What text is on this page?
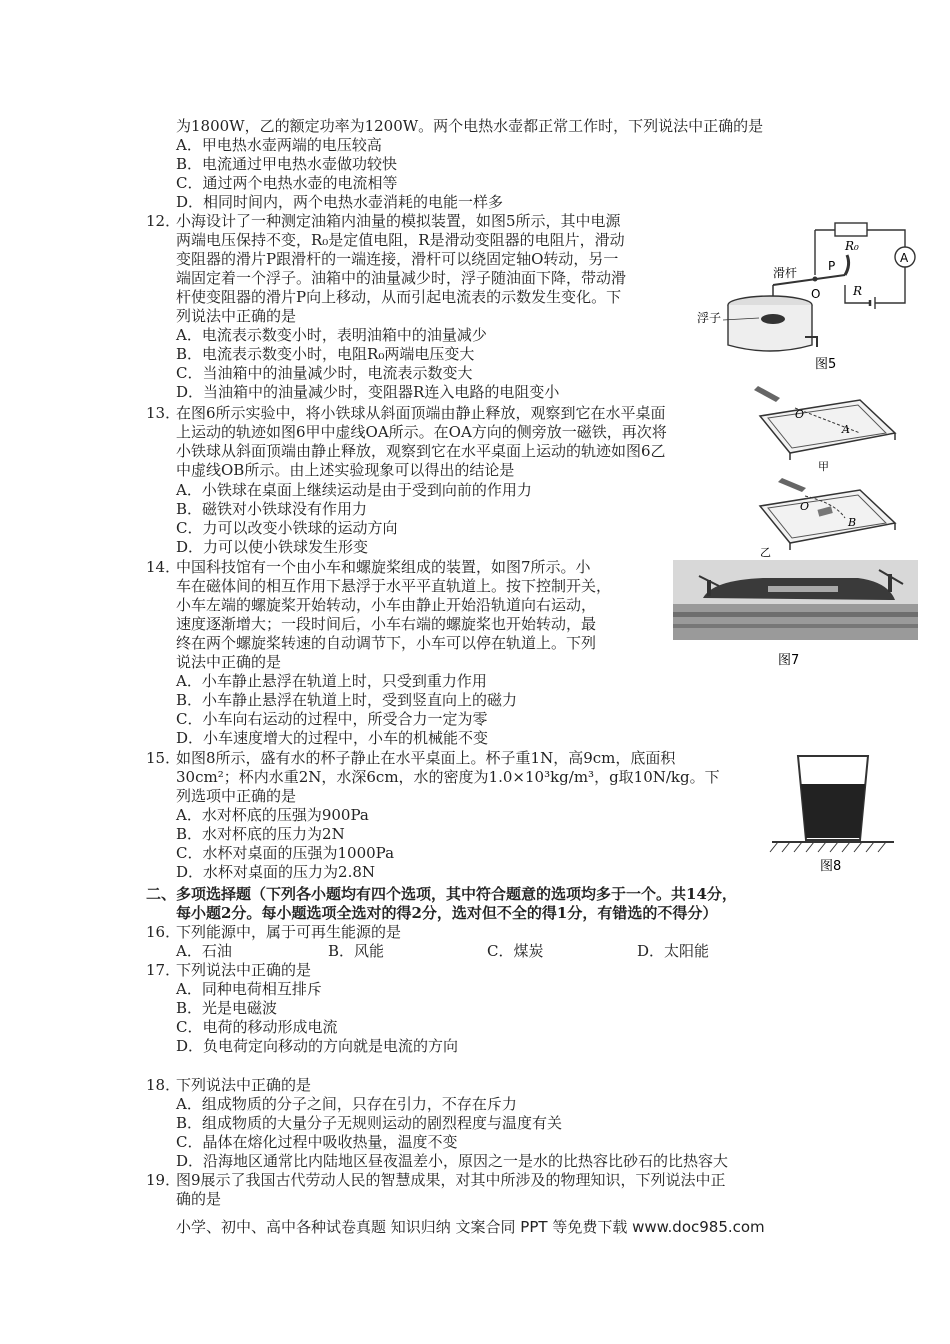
为1800W，乙的额定功率为1200W。两个电热水壶都正常工作时，下列说法中正确的是
A．甲电热水壶两端的电压较高
B．电流通过甲电热水壶做功较快
C．通过两个电热水壶的电流相等
D．相同时间内，两个电热水壶消耗的电能一样多
12．
小海设计了一种测定油箱内油量的模拟装置，如图5所示，其中电源
两端电压保持不变，R₀是定值电阻，R是滑动变阻器的电阻片，滑动
变阻器的滑片P跟滑杆的一端连接，滑杆可以绕固定轴O转动，另一
端固定着一个浮子。油箱中的油量减少时，浮子随油面下降，带动滑
杆使变阻器的滑片P向上移动，从而引起电流表的示数发生变化。下
列说法中正确的是
A．电流表示数变小时，表明油箱中的油量减少
B．电流表示数变小时，电阻R₀两端电压变大
C．当油箱中的油量减少时，电流表示数变大
D．当油箱中的油量减少时，变阻器R连入电路的电阻变小
R₀
A
R
滑杆	P
O
浮子
图5
13．
在图6所示实验中，将小铁球从斜面顶端由静止释放，观察到它在水平桌面
上运动的轨迹如图6甲中虚线OA所示。在OA方向的侧旁放一磁铁，再次将
小铁球从斜面顶端由静止释放，观察到它在水平桌面上运动的轨迹如图6乙
中虚线OB所示。由上述实验现象可以得出的结论是
A．小铁球在桌面上继续运动是由于受到向前的作用力
B．磁铁对小铁球没有作用力
C．力可以改变小铁球的运动方向
D．力可以使小铁球发生形变
O
A
甲
O
B
乙
14．
中国科技馆有一个由小车和螺旋桨组成的装置，如图7所示。小
车在磁体间的相互作用下悬浮于水平平直轨道上。按下控制开关，
小车左端的螺旋桨开始转动，小车由静止开始沿轨道向右运动，
速度逐渐增大；一段时间后，小车右端的螺旋桨也开始转动，最
终在两个螺旋桨转速的自动调节下，小车可以停在轨道上。下列
说法中正确的是
A．小车静止悬浮在轨道上时，只受到重力作用
B．小车静止悬浮在轨道上时，受到竖直向上的磁力
C．小车向右运动的过程中，所受合力一定为零
D．小车速度增大的过程中，小车的机械能不变
图7
15．
如图8所示，盛有水的杯子静止在水平桌面上。杯子重1N，高9cm，底面积
30cm²；杯内水重2N，水深6cm，水的密度为1.0×10³kg/m³，g取10N/kg。下
列选项中正确的是
A．水对杯底的压强为900Pa
B．水对杯底的压力为2N
C．水杯对桌面的压强为1000Pa
D．水杯对桌面的压力为2.8N	图8
二、多项选择题（下列各小题均有四个选项，其中符合题意的选项均多于一个。共14分，
每小题2分。每小题选项全选对的得2分，选对但不全的得1分，有错选的不得分）
16．
下列能源中，属于可再生能源的是
A．石油	B．风能	C．煤炭	D．太阳能
17．
下列说法中正确的是
A．同种电荷相互排斥
B．光是电磁波
C．电荷的移动形成电流
D．负电荷定向移动的方向就是电流的方向
18．
下列说法中正确的是
A．组成物质的分子之间，只存在引力，不存在斥力
B．组成物质的大量分子无规则运动的剧烈程度与温度有关
C．晶体在熔化过程中吸收热量，温度不变
D．沿海地区通常比内陆地区昼夜温差小，原因之一是水的比热容比砂石的比热容大
19．
图9展示了我国古代劳动人民的智慧成果，对其中所涉及的物理知识，下列说法中正
确的是
小学、初中、高中各种试卷真题 知识归纳 文案合同 PPT 等免费下载 www.doc985.com
